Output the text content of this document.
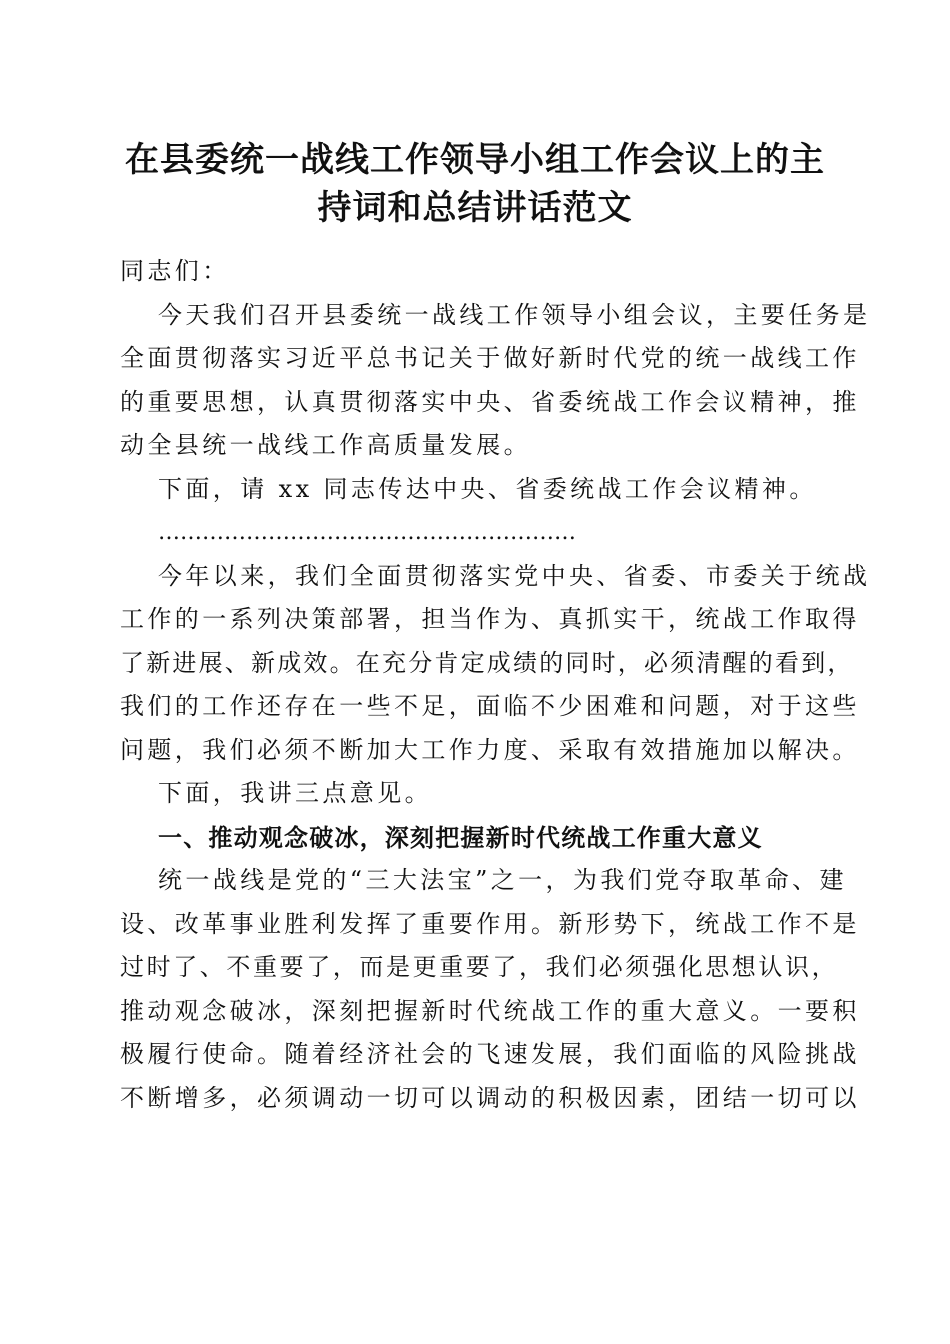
在县委统一战线工作领导小组工作会议上的主
持词和总结讲话范文
同志们：
今天我们召开县委统一战线工作领导小组会议，主要任务是
全面贯彻落实习近平总书记关于做好新时代党的统一战线工作
的重要思想，认真贯彻落实中央、省委统战工作会议精神，推
动全县统一战线工作高质量发展。
下面，请 xx 同志传达中央、省委统战工作会议精神。
…………………………………………………
今年以来，我们全面贯彻落实党中央、省委、市委关于统战
工作的一系列决策部署，担当作为、真抓实干，统战工作取得
了新进展、新成效。在充分肯定成绩的同时，必须清醒的看到，
我们的工作还存在一些不足，面临不少困难和问题，对于这些
问题，我们必须不断加大工作力度、采取有效措施加以解决。
下面，我讲三点意见。
一、推动观念破冰，深刻把握新时代统战工作重大意义
统一战线是党的“三大法宝”之一，为我们党夺取革命、建
设、改革事业胜利发挥了重要作用。新形势下，统战工作不是
过时了、不重要了，而是更重要了，我们必须强化思想认识，
推动观念破冰，深刻把握新时代统战工作的重大意义。一要积
极履行使命。随着经济社会的飞速发展，我们面临的风险挑战
不断增多，必须调动一切可以调动的积极因素，团结一切可以
